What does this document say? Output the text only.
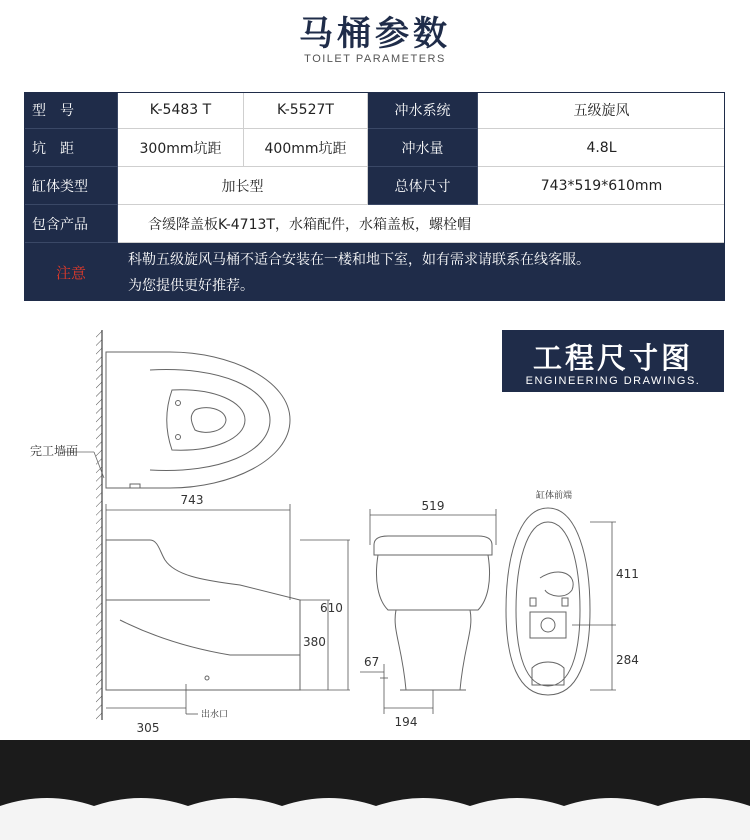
马桶参数
TOILET PARAMETERS
型　号	K-5483 T	K-5527T	冲水系统	五级旋风
坑　距	300mm坑距	400mm坑距	冲水量	4.8L
缸体类型	加长型	总体尺寸	743*519*610mm
包含产品	含缓降盖板K-4713T，水箱配件，水箱盖板，螺栓帽
注意
科勒五级旋风马桶不适合安装在一楼和地下室，如有需求请联系在线客服。
为您提供更好推荐。
工程尺寸图
ENGINEERING DRAWINGS.
完工墙面
743
610
380
305
出水口
519
67
194
缸体前端
411
284
